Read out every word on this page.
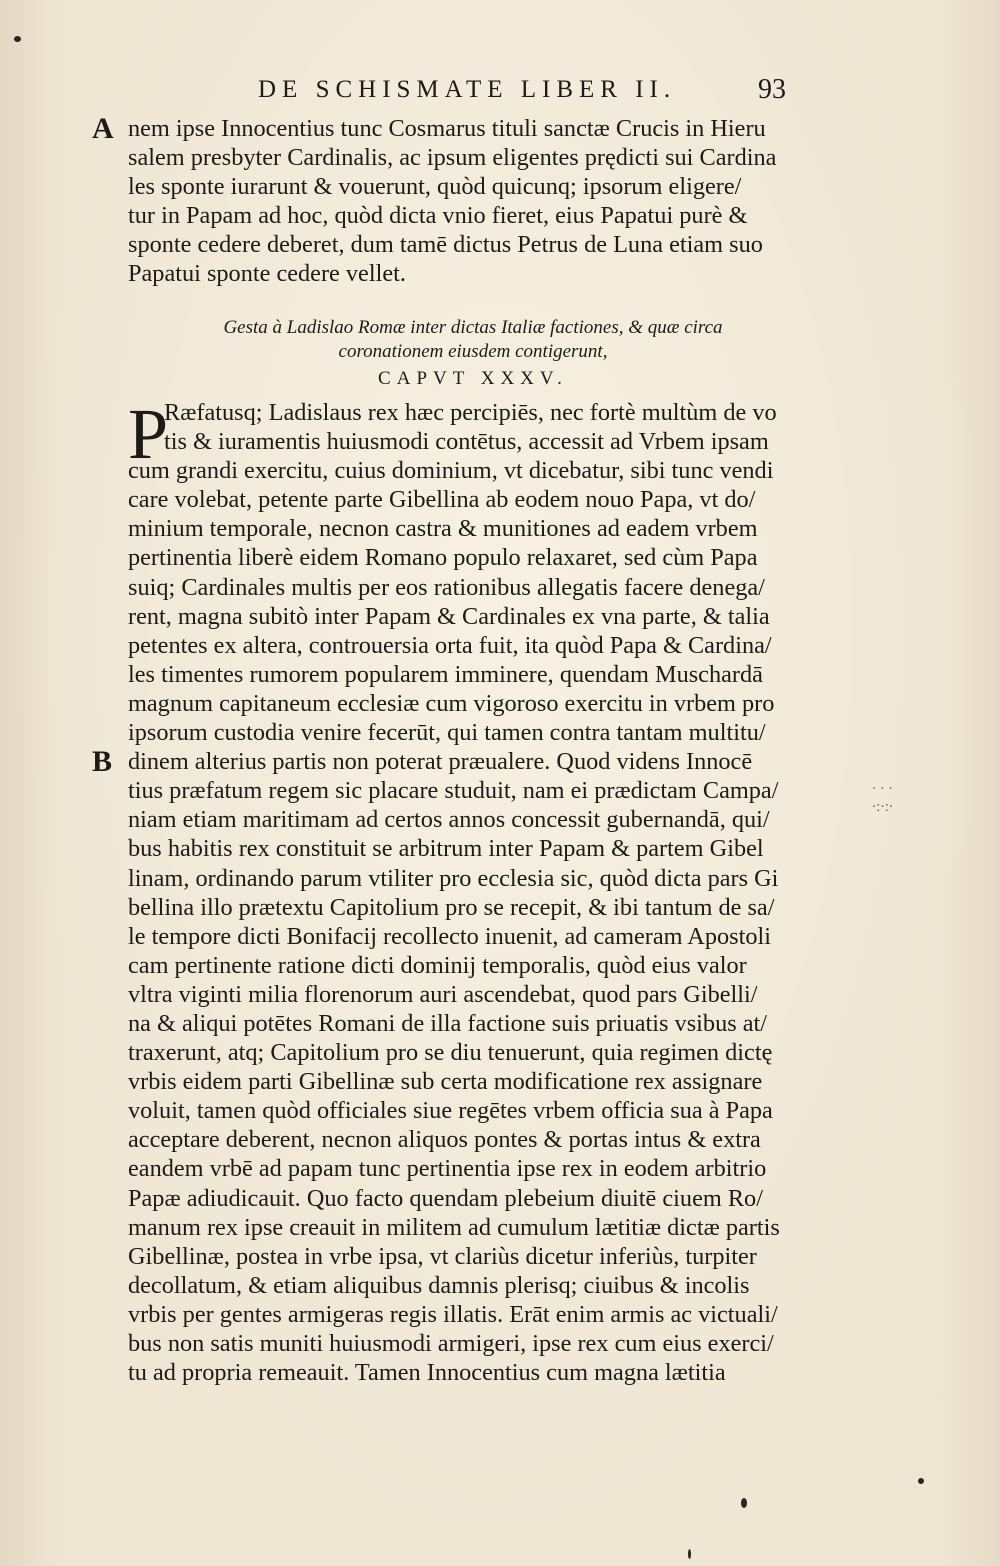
DE SCHISMATE LIBER II.	93
A nem ipse Innocentius tunc Cosmarus tituli sanctæ Crucis in Hieru
salem presbyter Cardinalis, ac ipsum eligentes prędicti sui Cardina
les sponte iurarunt & vouerunt, quòd quicunq; ipsorum eligere/
tur in Papam ad hoc, quòd dicta vnio fieret, eius Papatui purè &
sponte cedere deberet, dum tamē dictus Petrus de Luna etiam suo
Papatui sponte cedere vellet.
Gesta à Ladislao Romæ inter dictas Italiæ factiones, & quæ circa
coronationem eiusdem contigerunt,
CAPVT XXXV.
P
Ræfatusq; Ladislaus rex hæc percipiēs, nec fortè multùm de vo
tis & iuramentis huiusmodi contētus, accessit ad Vrbem ipsam
cum grandi exercitu, cuius dominium, vt dicebatur, sibi tunc vendi
care volebat, petente parte Gibellina ab eodem nouo Papa, vt do/
minium temporale, necnon castra & munitiones ad eadem vrbem
pertinentia liberè eidem Romano populo relaxaret, sed cùm Papa
suiq; Cardinales multis per eos rationibus allegatis facere denega/
rent, magna subitò inter Papam & Cardinales ex vna parte, & talia
petentes ex altera, controuersia orta fuit, ita quòd Papa & Cardina/
les timentes rumorem popularem imminere, quendam Muschardā
magnum capitaneum ecclesiæ cum vigoroso exercitu in vrbem pro
ipsorum custodia venire fecerūt, qui tamen contra tantam multitu/
dinem alterius partis non poterat præualere. Quod videns Innocē
tius præfatum regem sic placare studuit, nam ei prædictam Campa/
niam etiam maritimam ad certos annos concessit gubernandā, qui/
bus habitis rex constituit se arbitrum inter Papam & partem Gibel
linam, ordinando parum vtiliter pro ecclesia sic, quòd dicta pars Gi
bellina illo prætextu Capitolium pro se recepit, & ibi tantum de sa/
le tempore dicti Bonifacij recollecto inuenit, ad cameram Apostoli
cam pertinente ratione dicti dominij temporalis, quòd eius valor
vltra viginti milia florenorum auri ascendebat, quod pars Gibelli/
na & aliqui potētes Romani de illa factione suis priuatis vsibus at/
traxerunt, atq; Capitolium pro se diu tenuerunt, quia regimen dictę
vrbis eidem parti Gibellinæ sub certa modificatione rex assignare
voluit, tamen quòd officiales siue regētes vrbem officia sua à Papa
acceptare deberent, necnon aliquos pontes & portas intus & extra
eandem vrbē ad papam tunc pertinentia ipse rex in eodem arbitrio
Papæ adiudicauit. Quo facto quendam plebeium diuitē ciuem Ro/
manum rex ipse creauit in militem ad cumulum lætitiæ dictæ partis
Gibellinæ, postea in vrbe ipsa, vt clariùs dicetur inferiùs, turpiter
decollatum, & etiam aliquibus damnis plerisq; ciuibus & incolis
vrbis per gentes armigeras regis illatis. Erāt enim armis ac victuali/
bus non satis muniti huiusmodi armigeri, ipse rex cum eius exerci/
tu ad propria remeauit. Tamen Innocentius cum magna lætitia
B
· · ·
·:·:·
